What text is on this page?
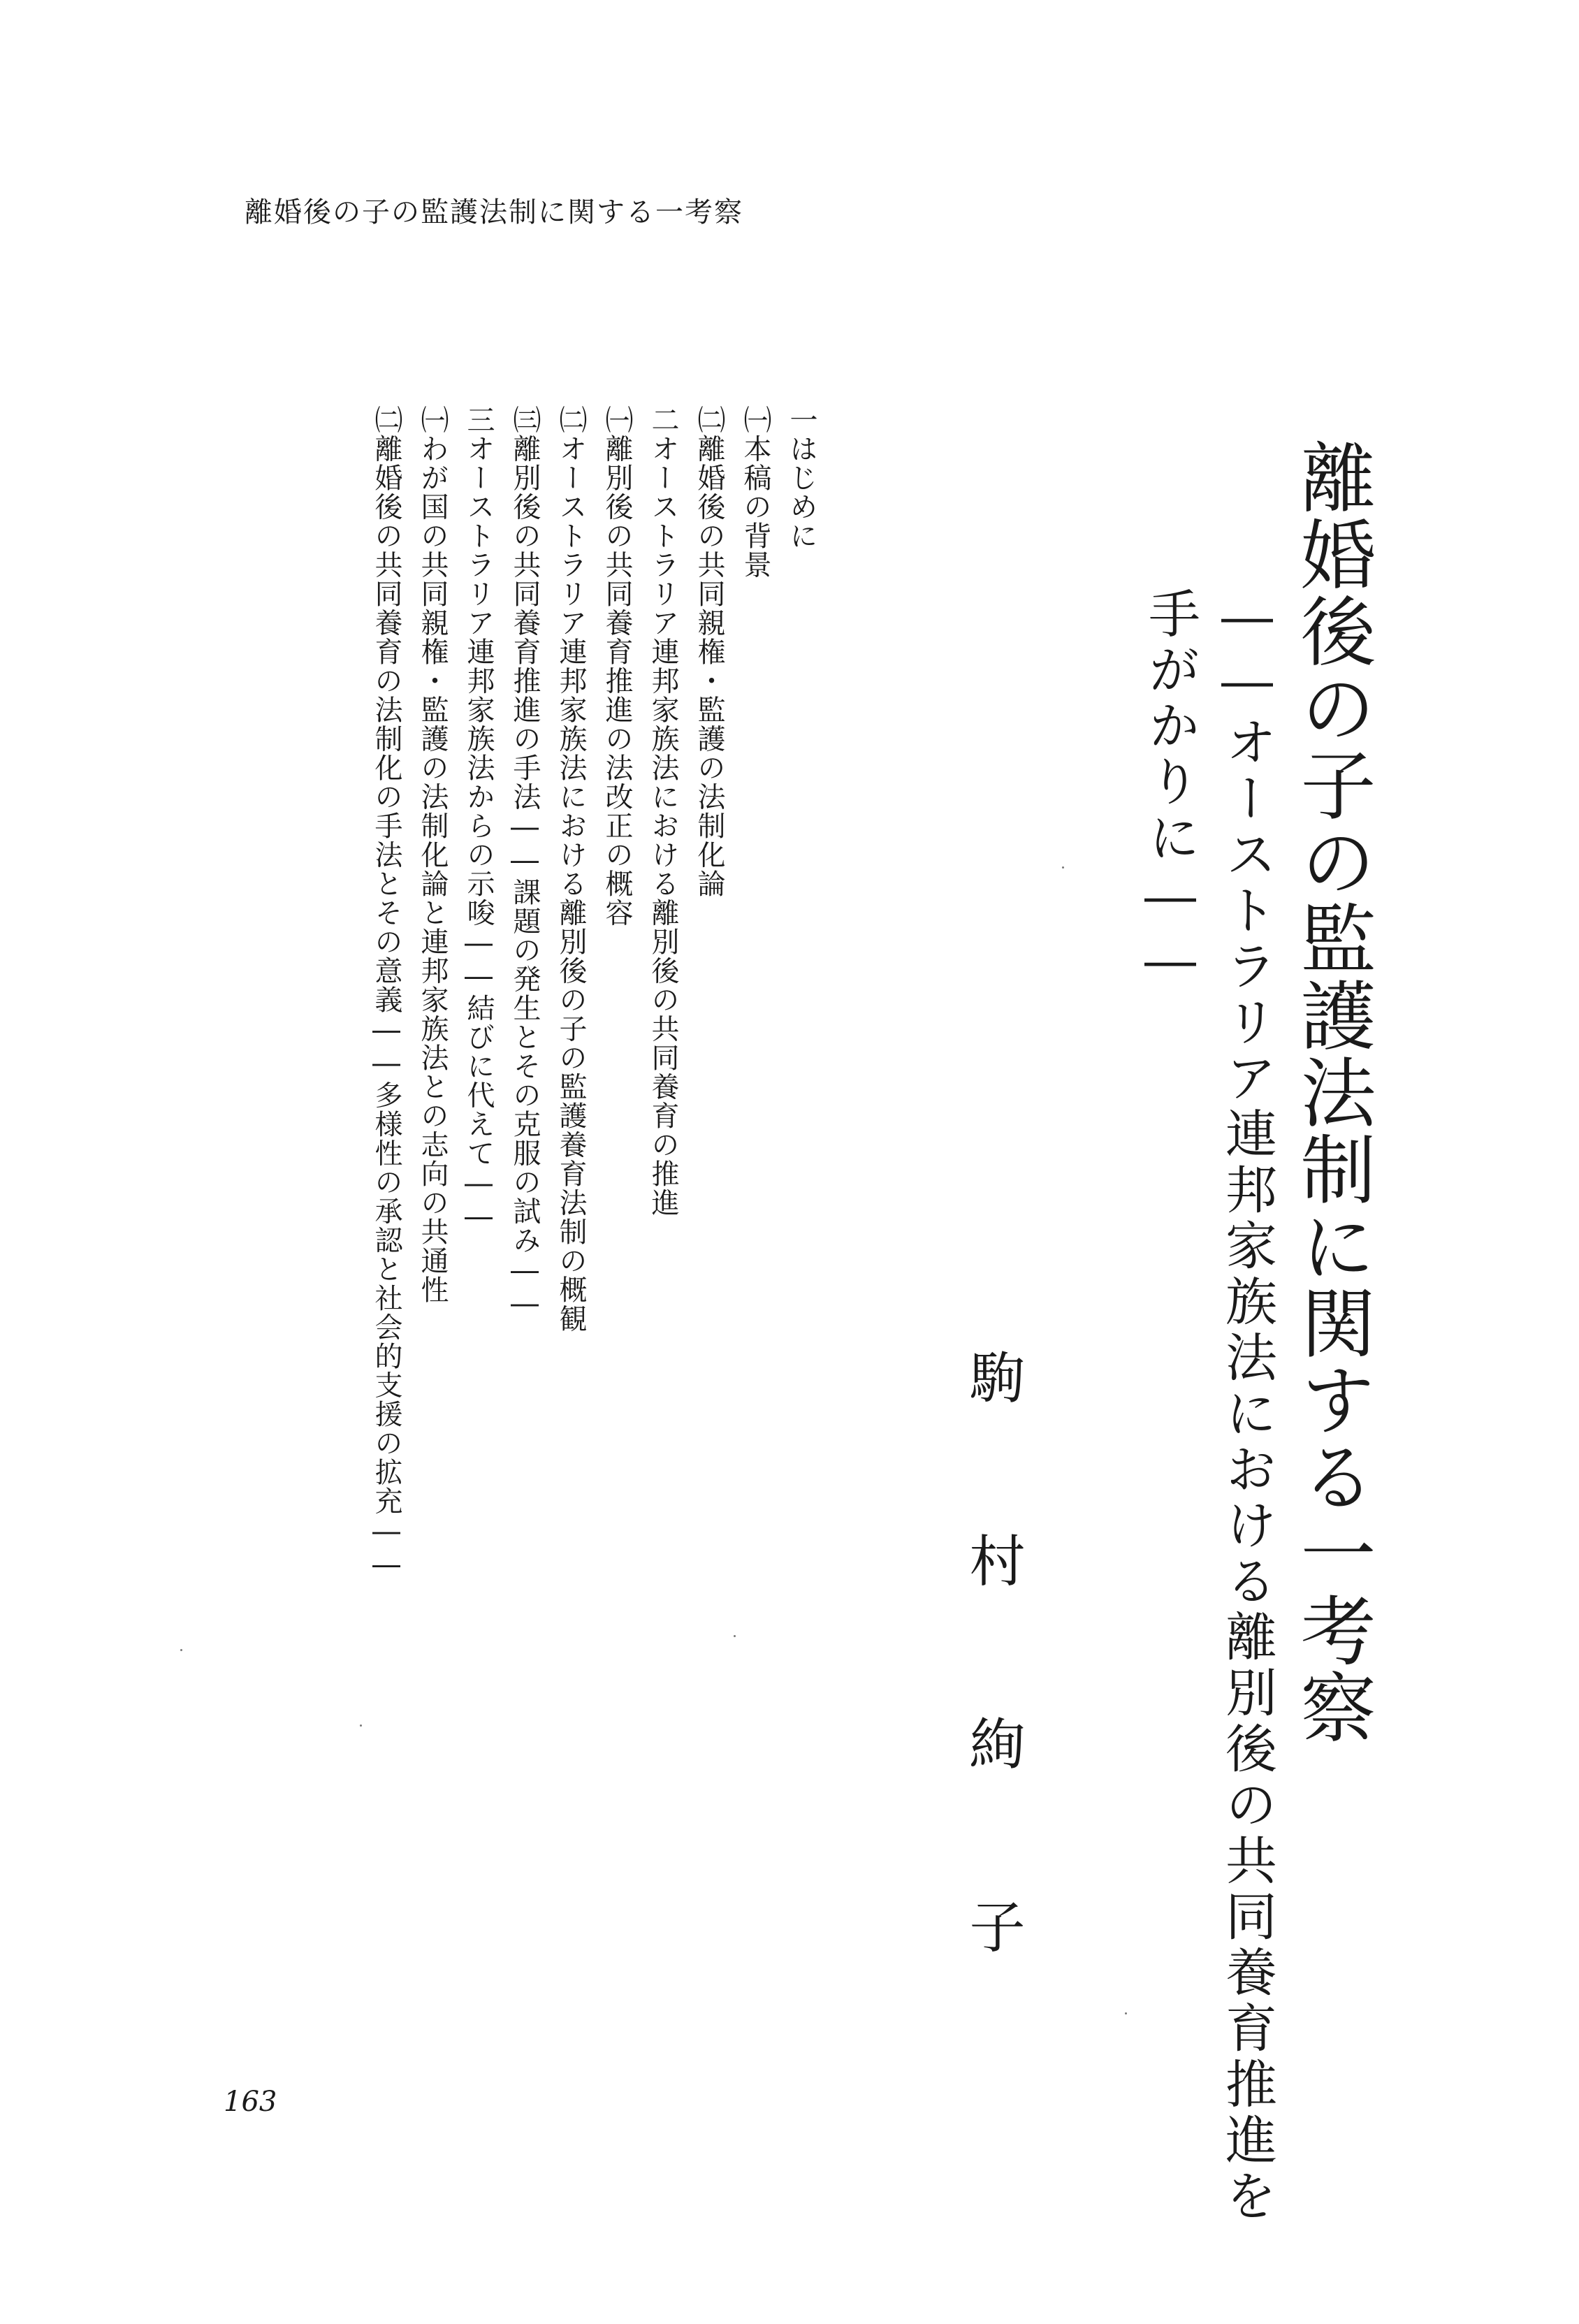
離婚後の子の監護法制に関する一考察
離婚後の子の監護法制に関する一考察
――オーストラリア連邦家族法における離別後の共同養育推進を
手がかりに――
駒村絢子
一はじめに
㈠本稿の背景
㈡離婚後の共同親権・監護の法制化論
二オーストラリア連邦家族法における離別後の共同養育の推進
㈠離別後の共同養育推進の法改正の概容
㈡オーストラリア連邦家族法における離別後の子の監護養育法制の概観
㈢離別後の共同養育推進の手法――課題の発生とその克服の試み――
三オーストラリア連邦家族法からの示唆――結びに代えて――
㈠わが国の共同親権・監護の法制化論と連邦家族法との志向の共通性
㈡離婚後の共同養育の法制化の手法とその意義――多様性の承認と社会的支援の拡充――
163
